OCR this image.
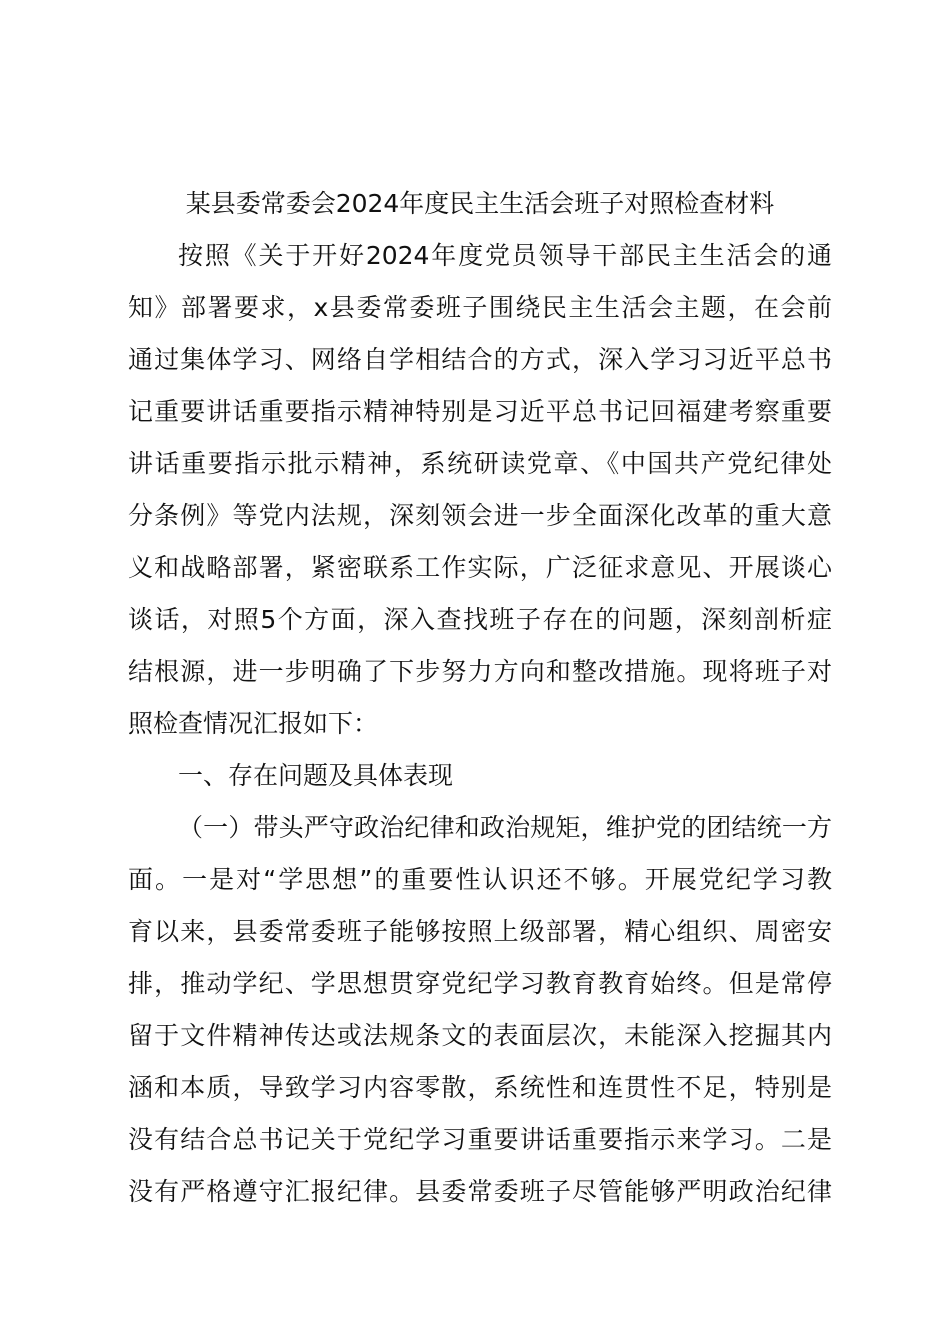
某县委常委会2024年度民主生活会班子对照检查材料
按照《关于开好2024年度党员领导干部民主生活会的通
知》部署要求，x县委常委班子围绕民主生活会主题，在会前
通过集体学习、网络自学相结合的方式，深入学习习近平总书
记重要讲话重要指示精神特别是习近平总书记回福建考察重要
讲话重要指示批示精神，系统研读党章、《中国共产党纪律处
分条例》等党内法规，深刻领会进一步全面深化改革的重大意
义和战略部署，紧密联系工作实际，广泛征求意见、开展谈心
谈话，对照5个方面，深入查找班子存在的问题，深刻剖析症
结根源，进一步明确了下步努力方向和整改措施。现将班子对
照检查情况汇报如下：
一、存在问题及具体表现
（一）带头严守政治纪律和政治规矩，维护党的团结统一方
面。一是对“学思想”的重要性认识还不够。开展党纪学习教
育以来，县委常委班子能够按照上级部署，精心组织、周密安
排，推动学纪、学思想贯穿党纪学习教育教育始终。但是常停
留于文件精神传达或法规条文的表面层次，未能深入挖掘其内
涵和本质，导致学习内容零散，系统性和连贯性不足，特别是
没有结合总书记关于党纪学习重要讲话重要指示来学习。二是
没有严格遵守汇报纪律。县委常委班子尽管能够严明政治纪律
